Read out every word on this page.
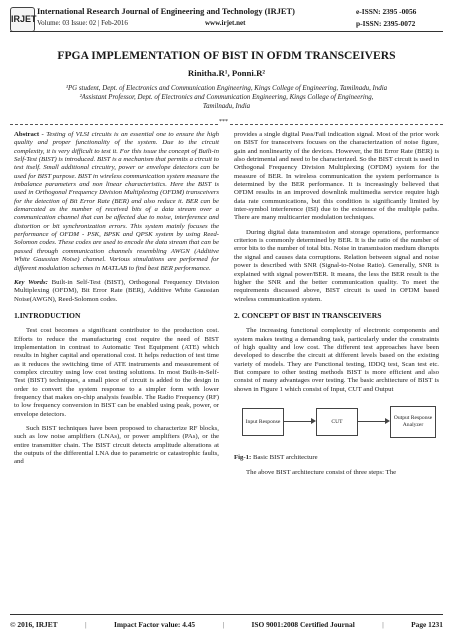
IRJET
International Research Journal of Engineering and Technology (IRJET)	e-ISSN: 2395 -0056
Volume: 03 Issue: 02 | Feb-2016	www.irjet.net	p-ISSN: 2395-0072
FPGA IMPLEMENTATION OF BIST IN OFDM TRANSCEIVERS
Rinitha.R¹, Ponni.R²
¹PG student, Dept. of Electronics and Communication Engineering, Kings College of Engineering, Tamilnadu, India
²Assistant Professor, Dept. of Electronics and Communication Engineering, Kings College of Engineering,
Tamilnadu, India
***

Abstract - Testing of VLSI circuits is an essential one to ensure the high quality and proper functionality of the system. Due to the circuit complexity, it is very difficult to test it. For this issue the concept of Built-in Self-Test (BIST) is introduced. BIST is a mechanism that permits a circuit to test itself. Small additional circuitry, power or envelope detectors can be used for BIST purpose. BIST in wireless communication system measure the imbalance parameters and non linear characteristics. Here the BIST is used in Orthogonal Frequency Division Multiplexing (OFDM) transceivers for the detection of Bit Error Rate (BER) and also reduce it. BER can be demarcated as the number of received bits of a data stream over a communication channel that can be affected due to noise, interference and distortion or bit synchronization errors. This system mainly focuses the performance of OFDM - PSK, BPSK and QPSK system by using Reed-Solomon codes. These codes are used to encode the data stream that can be passed through communication channels resembling AWGN (Additive White Gaussian Noise) channel. Various simulations are performed for different modulation schemes in MATLAB to find best BER performance.

Key Words: Built-in Self-Test (BIST), Orthogonal Frequency Division Multiplexing (OFDM), Bit Error Rate (BER), Additive White Gaussian Noise(AWGN), Reed-Solomon codes.

1.INTRODUCTION

Test cost becomes a significant contributor to the production cost. Efforts to reduce the manufacturing cost require the need of BIST implementation in contrast to Automatic Test Equipment (ATE) which results in higher capital and operational cost. It helps reduction of test time as it reduces the switching time of ATE instruments and measurement of complex circuitry using low cost testing solutions. In most Built-in-Self-Test (BIST) techniques, a small piece of circuit is added to the design in order to convert the system response to a simpler form with lower frequency that makes on-chip analysis feasible. The Radio Frequency (RF) to low frequency conversion in BIST can be enabled using peak, power, or envelope detectors.

Such BIST techniques have been proposed to characterize RF blocks, such as low noise amplifiers (LNAs), or power amplifiers (PAs), or the entire transmitter chain. The BIST circuit detects amplitude alterations at the outputs of the differential LNA due to parametric or catastrophic faults, and

provides a single digital Pass/Fail indication signal. Most of the prior work on BIST for transceivers focuses on the characterization of noise figure, gain and nonlinearity of the devices. However, the Bit Error Rate (BER) is also detrimental and need to be characterized. So the BIST circuit is used in Orthogonal Frequency Division Multiplexing (OFDM) system for the measure of BER. In wireless communication the system performance is determined by the BER performance. It is increasingly believed that OFDM results in an improved downlink multimedia service require high data rate communications, but this condition is significantly limited by inter-symbol interference (ISI) due to the existence of the multiple paths. There are many multicarrier modulation techniques.

During digital data transmission and storage operations, performance criterion is commonly determined by BER. It is the ratio of the number of error bits to the number of total bits. Noise in transmission medium disrupts the signal and causes data corruptions. Relation between signal and noise power is described with SNR (Signal-to-Noise Ratio). Generally, SNR is explained with signal power/BER. It means, the less the BER result is the higher the SNR and the better communication quality. To meet the requirements discussed above, BIST circuit is used in OFDM based wireless communication system.

2. CONCEPT OF BIST IN TRANSCEIVERS

The increasing functional complexity of electronic components and system makes testing a demanding task, particularly under the constraints of high quality and low cost. The different test approaches have been developed to describe the circuit at different levels based on the existing variety of models. They are Functional testing, IDDQ test, Scan test etc. But compare to other testing methods BIST is more efficient and also consist of many advantages over testing. The basic architecture of BIST is shown in Figure 1 which consist of Input, CUT and Output

Input Response	CUT
Output Response Analyzer
Fig-1: Basic BIST architecture

The above BIST architecture consist of three steps: The

© 2016, IRJET	|	Impact Factor value: 4.45	|	ISO 9001:2008 Certified Journal	|	Page 1231
